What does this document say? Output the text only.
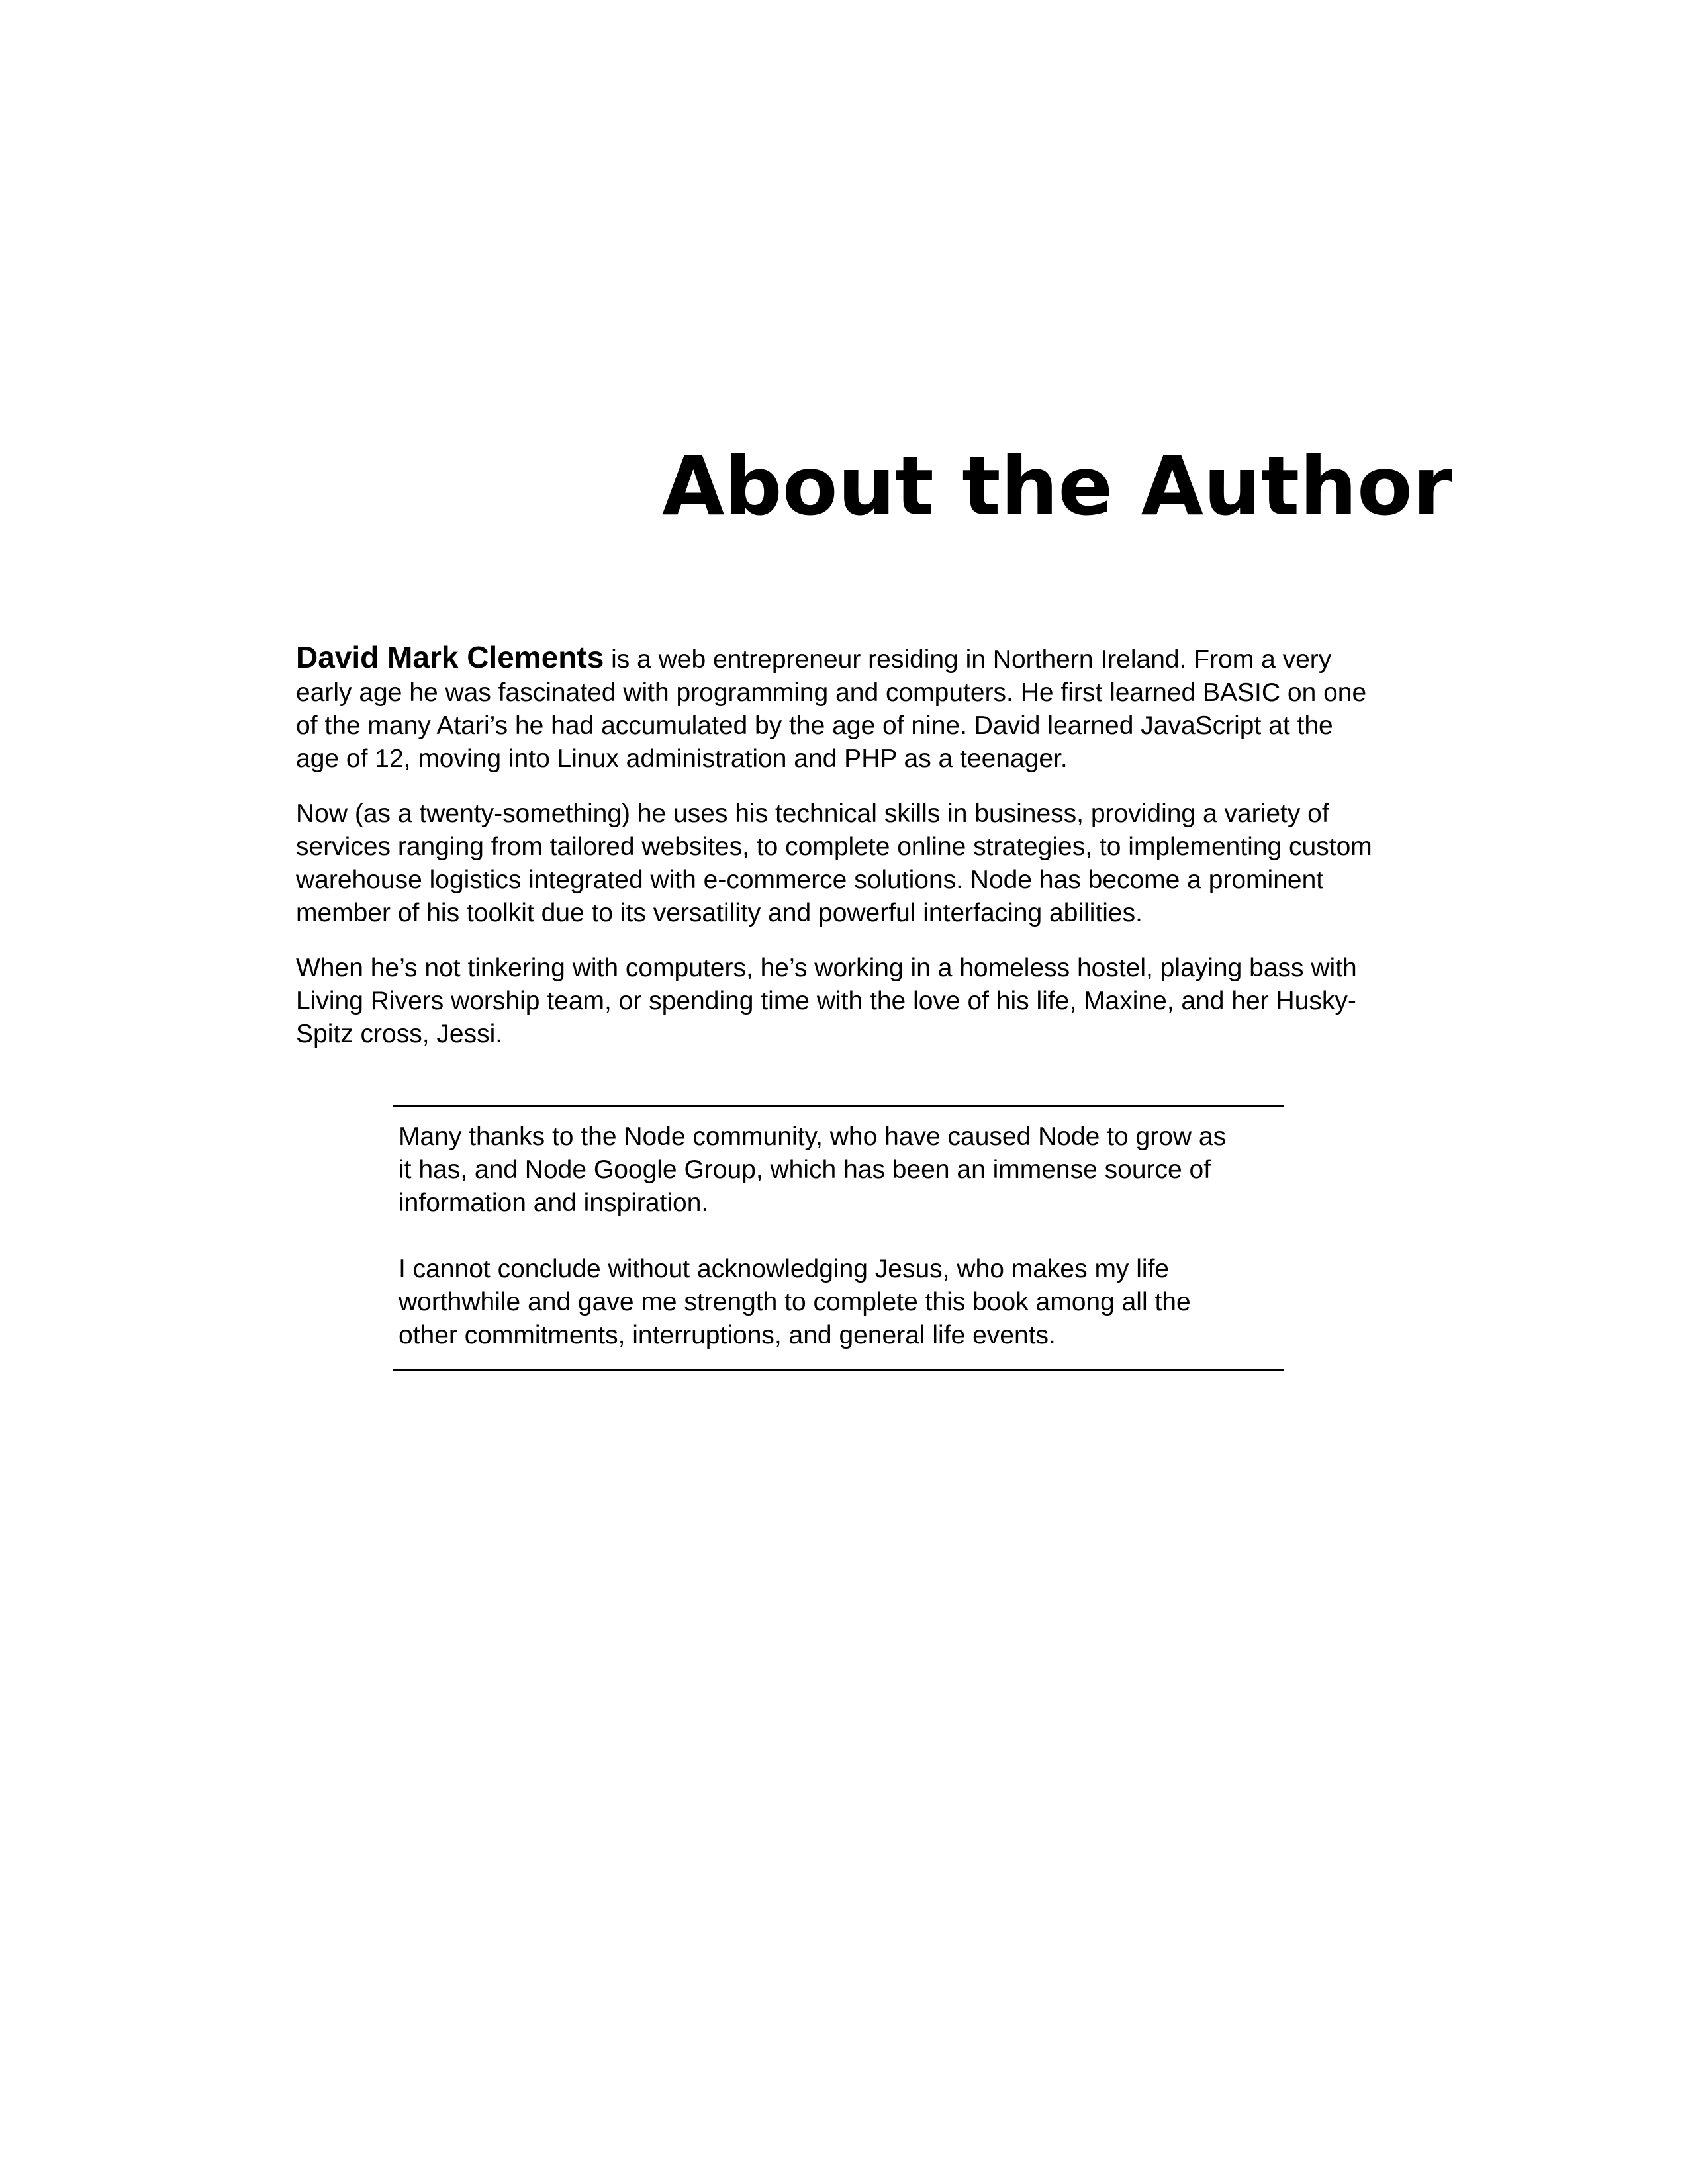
About the Author

David Mark Clements is a web entrepreneur residing in Northern Ireland. From a very early age he was fascinated with programming and computers. He first learned BASIC on one of the many Atari’s he had accumulated by the age of nine. David learned JavaScript at the age of 12, moving into Linux administration and PHP as a teenager.

Now (as a twenty-something) he uses his technical skills in business, providing a variety of services ranging from tailored websites, to complete online strategies, to implementing custom warehouse logistics integrated with e-commerce solutions. Node has become a prominent member of his toolkit due to its versatility and powerful interfacing abilities.

When he’s not tinkering with computers, he’s working in a homeless hostel, playing bass with Living Rivers worship team, or spending time with the love of his life, Maxine, and her Husky-Spitz cross, Jessi.

Many thanks to the Node community, who have caused Node to grow as it has, and Node Google Group, which has been an immense source of information and inspiration.

I cannot conclude without acknowledging Jesus, who makes my life worthwhile and gave me strength to complete this book among all the other commitments, interruptions, and general life events.
